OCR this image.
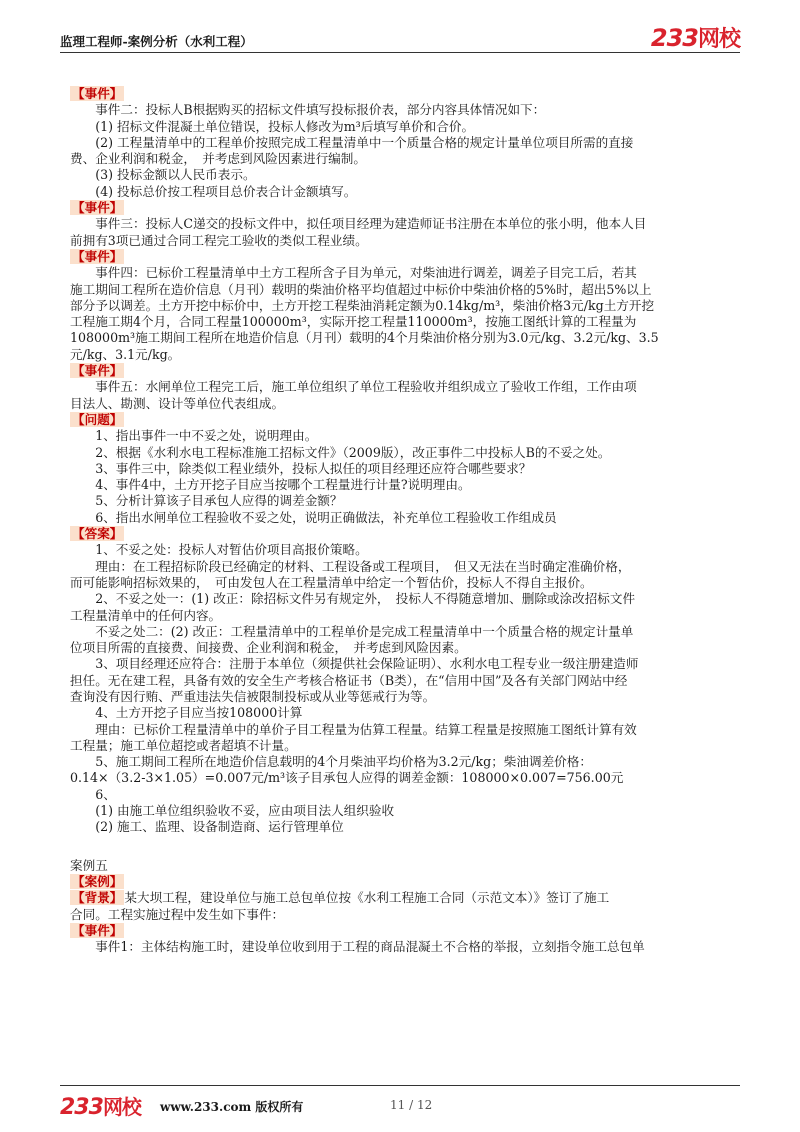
监理工程师-案例分析（水利工程）	233网校

【事件】

　　事件二：投标人B根据购买的招标文件填写投标报价表，部分内容具体情况如下：

　　(1) 招标文件混凝土单位错误，投标人修改为m³后填写单价和合价。

　　(2) 工程量清单中的工程单价按照完成工程量清单中一个质量合格的规定计量单位项目所需的直接

费、企业利润和税金，　并考虑到风险因素进行编制。

　　(3) 投标金额以人民币表示。

　　(4) 投标总价按工程项目总价表合计金额填写。

【事件】

　　事件三：投标人C递交的投标文件中，拟任项目经理为建造师证书注册在本单位的张小明，他本人目

前拥有3项已通过合同工程完工验收的类似工程业绩。

【事件】

　　事件四：已标价工程量清单中土方工程所含子目为单元，对柴油进行调差，调差子目完工后，若其

施工期间工程所在造价信息（月刊）载明的柴油价格平均值超过中标价中柴油价格的5%时，超出5%以上

部分予以调差。土方开挖中标价中，土方开挖工程柴油消耗定额为0.14kg/m³，柴油价格3元/kg土方开挖

工程施工期4个月，合同工程量100000m³，实际开挖工程量110000m³，按施工图纸计算的工程量为

108000m³施工期间工程所在地造价信息（月刊）载明的4个月柴油价格分别为3.0元/kg、3.2元/kg、3.5

元/kg、3.1元/kg。

【事件】

　　事件五：水闸单位工程完工后，施工单位组织了单位工程验收并组织成立了验收工作组，工作由项

目法人、勘测、设计等单位代表组成。

【问题】

　　1、指出事件一中不妥之处，说明理由。

　　2、根据《水利水电工程标准施工招标文件》（2009版），改正事件二中投标人B的不妥之处。

　　3、事件三中，除类似工程业绩外，投标人拟任的项目经理还应符合哪些要求？

　　4、事件4中，土方开挖子目应当按哪个工程量进行计量?说明理由。

　　5、分析计算该子目承包人应得的调差金额？

　　6、指出水闸单位工程验收不妥之处，说明正确做法，补充单位工程验收工作组成员

【答案】

　　1、不妥之处：投标人对暂估价项目高报价策略。

　　理由：在工程招标阶段已经确定的材料、工程设备或工程项目，　但又无法在当时确定准确价格，

而可能影响招标效果的，　可由发包人在工程量清单中给定一个暂估价，投标人不得自主报价。

　　2、不妥之处一：(1) 改正：除招标文件另有规定外，　投标人不得随意增加、删除或涂改招标文件

工程量清单中的任何内容。

　　不妥之处二：(2) 改正：工程量清单中的工程单价是完成工程量清单中一个质量合格的规定计量单

位项目所需的直接费、间接费、企业利润和税金，　并考虑到风险因素。

　　3、项目经理还应符合：注册于本单位（须提供社会保险证明）、水利水电工程专业一级注册建造师

担任。无在建工程，具备有效的安全生产考核合格证书（B类），在“信用中国”及各有关部门网站中经

查询没有因行贿、严重违法失信被限制投标或从业等惩戒行为等。

　　4、土方开挖子目应当按108000计算

　　理由：已标价工程量清单中的单价子目工程量为估算工程量。结算工程量是按照施工图纸计算有效

工程量；施工单位超挖或者超填不计量。

　　5、施工期间工程所在地造价信息载明的4个月柴油平均价格为3.2元/kg；柴油调差价格：

0.14×（3.2-3×1.05）=0.007元/m³该子目承包人应得的调差金额：108000×0.007=756.00元

　　6、

　　(1) 由施工单位组织验收不妥，应由项目法人组织验收

　　(2) 施工、监理、设备制造商、运行管理单位

案例五

【案例】

【背景】 某大坝工程，建设单位与施工总包单位按《水利工程施工合同（示范文本）》签订了施工

合同。工程实施过程中发生如下事件：

【事件】

　　事件1：主体结构施工时，建设单位收到用于工程的商品混凝土不合格的举报，立刻指令施工总包单

233网校 www.233.com 版权所有	11 / 12
